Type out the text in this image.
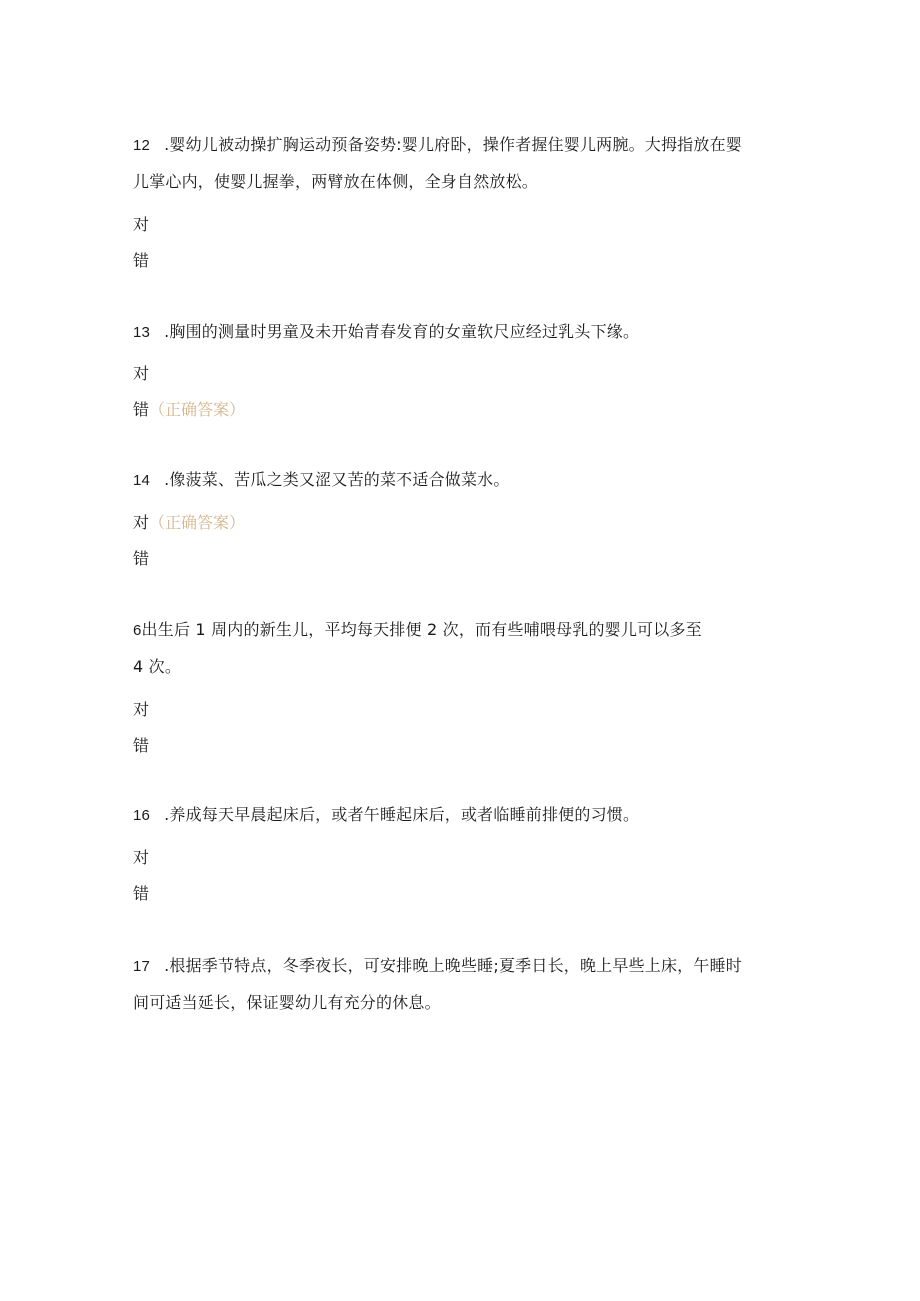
12 .婴幼儿被动操扩胸运动预备姿势:婴儿府卧，操作者握住婴儿两腕。大拇指放在婴
儿掌心内，使婴儿握拳，两臂放在体侧，全身自然放松。

对

错

13 .胸围的测量时男童及未开始青春发育的女童软尺应经过乳头下缘。

对

错（正确答案）

14 .像菠菜、苦瓜之类又涩又苦的菜不适合做菜水。

对（正确答案）

错

6出生后 1 周内的新生儿，平均每天排便 2 次，而有些哺喂母乳的婴儿可以多至
4 次。

对

错

16 .养成每天早晨起床后，或者午睡起床后，或者临睡前排便的习惯。

对

错

17 .根据季节特点，冬季夜长，可安排晚上晚些睡;夏季日长，晚上早些上床，午睡时
间可适当延长，保证婴幼儿有充分的休息。
